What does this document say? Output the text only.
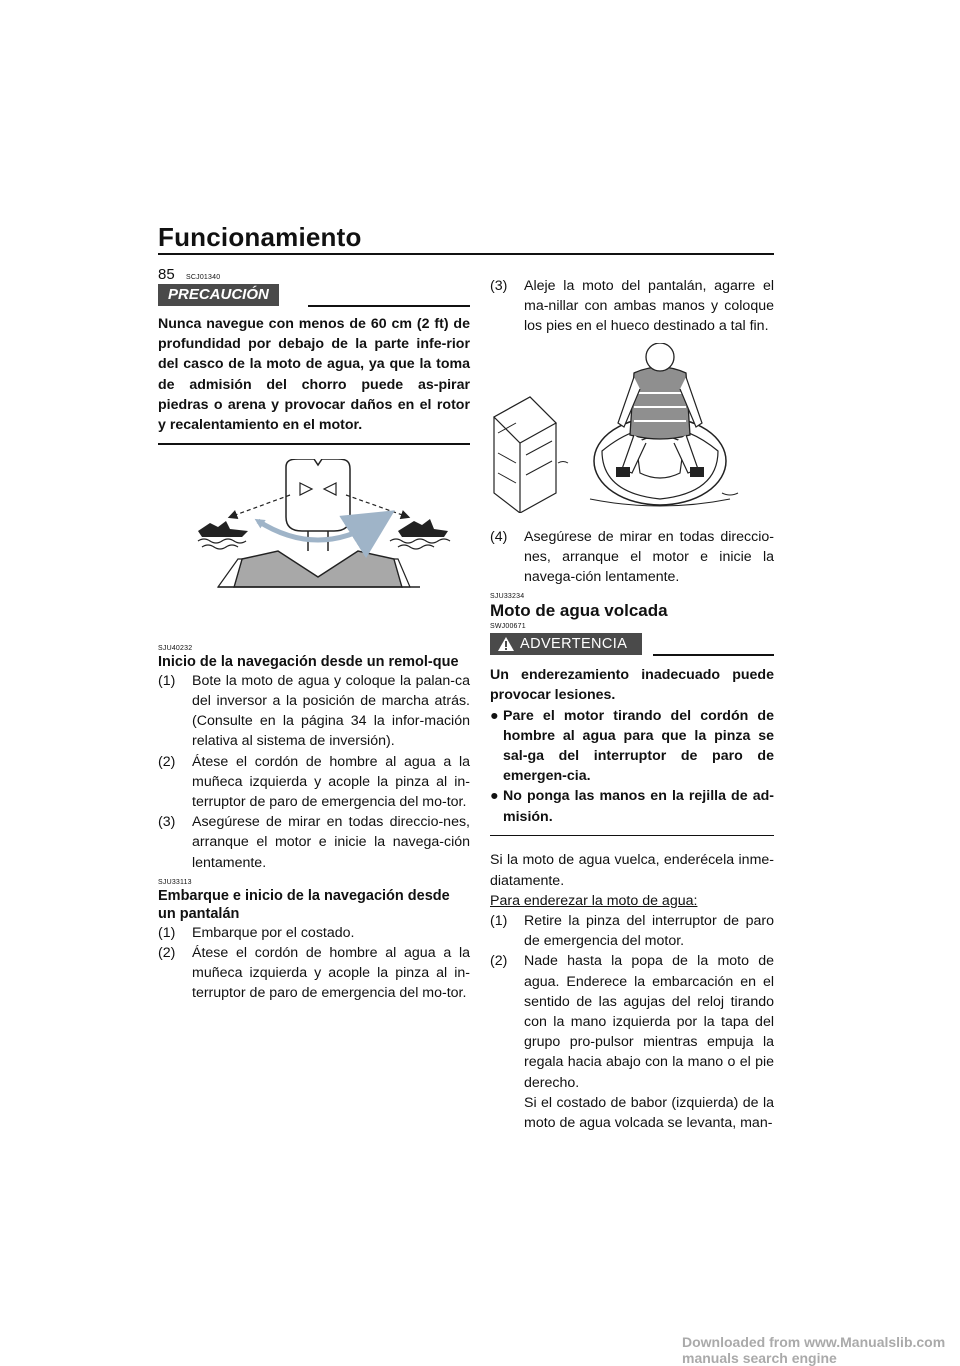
Funcionamiento
85 SCJ01340
PRECAUCIÓN
Nunca navegue con menos de 60 cm (2 ft) de profundidad por debajo de la parte infe-rior del casco de la moto de agua, ya que la toma de admisión del chorro puede as-pirar piedras o arena y provocar daños en el rotor y recalentamiento en el motor.
SJU40232
Inicio de la navegación desde un remol-que
(1)	Bote la moto de agua y coloque la palan-ca del inversor a la posición de marcha atrás. (Consulte en la página 34 la infor-mación relativa al sistema de inversión).
(2)	Átese el cordón de hombre al agua a la muñeca izquierda y acople la pinza al in-terruptor de paro de emergencia del mo-tor.
(3)	Asegúrese de mirar en todas direccio-nes, arranque el motor e inicie la navega-ción lentamente.
SJU33113
Embarque e inicio de la navegación desde un pantalán
(1)	Embarque por el costado.
(2)	Átese el cordón de hombre al agua a la muñeca izquierda y acople la pinza al in-terruptor de paro de emergencia del mo-tor.
(3)	Aleje la moto del pantalán, agarre el ma-nillar con ambas manos y coloque los pies en el hueco destinado a tal fin.
(4)	Asegúrese de mirar en todas direccio-nes, arranque el motor e inicie la navega-ción lentamente.
SJU33234
Moto de agua volcada
SWJ00671
ADVERTENCIA
Un enderezamiento inadecuado puede provocar lesiones.
● Pare el motor tirando del cordón de hombre al agua para que la pinza se sal-ga del interruptor de paro de emergen-cia.
● No ponga las manos en la rejilla de ad-misión.
Si la moto de agua vuelca, enderécela inme-diatamente.
Para enderezar la moto de agua:
(1)	Retire la pinza del interruptor de paro de emergencia del motor.
(2)	Nade hasta la popa de la moto de agua. Enderece la embarcación en el sentido de las agujas del reloj tirando con la mano izquierda por la tapa del grupo pro-pulsor mientras empuja la regala hacia abajo con la mano o el pie derecho.
Si el costado de babor (izquierda) de la moto de agua volcada se levanta, man-
Downloaded from www.Manualslib.com manuals search engine
